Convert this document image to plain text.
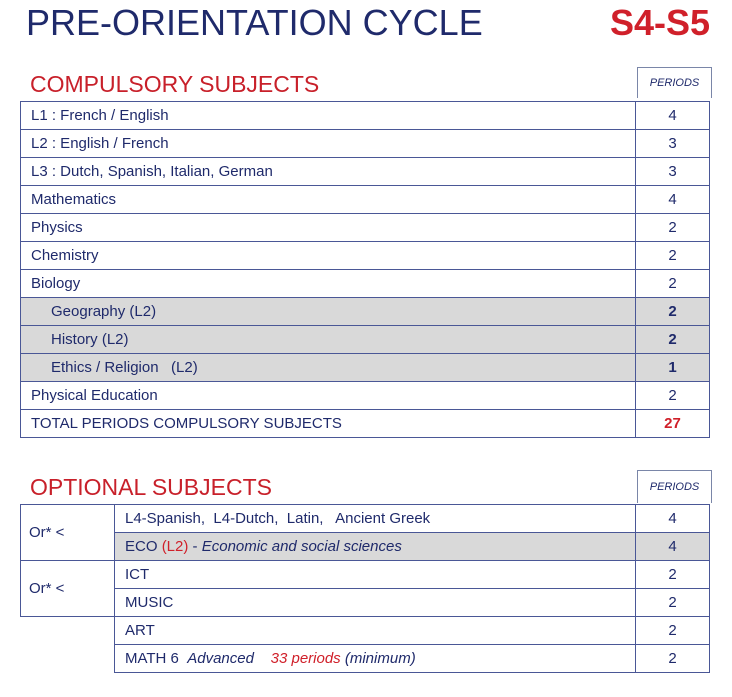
PRE-ORIENTATION CYCLE	S4-S5
COMPULSORY SUBJECTS	PERIODS
L1 : French / English	4
L2 : English / French	3
L3 : Dutch, Spanish, Italian, German	3
Mathematics	4
Physics	2
Chemistry	2
Biology	2
Geography (L2)	2
History (L2)	2
Ethics / Religion   (L2)	1
Physical Education	2
TOTAL PERIODS COMPULSORY SUBJECTS	27
OPTIONAL SUBJECTS	PERIODS
Or* <	L4-Spanish,  L4-Dutch,  Latin,   Ancient Greek	4
	ECO (L2) - Economic and social sciences	4
Or* <	ICT	2
	MUSIC	2
	ART	2
	MATH 6  Advanced 33 periods (minimum)	2
